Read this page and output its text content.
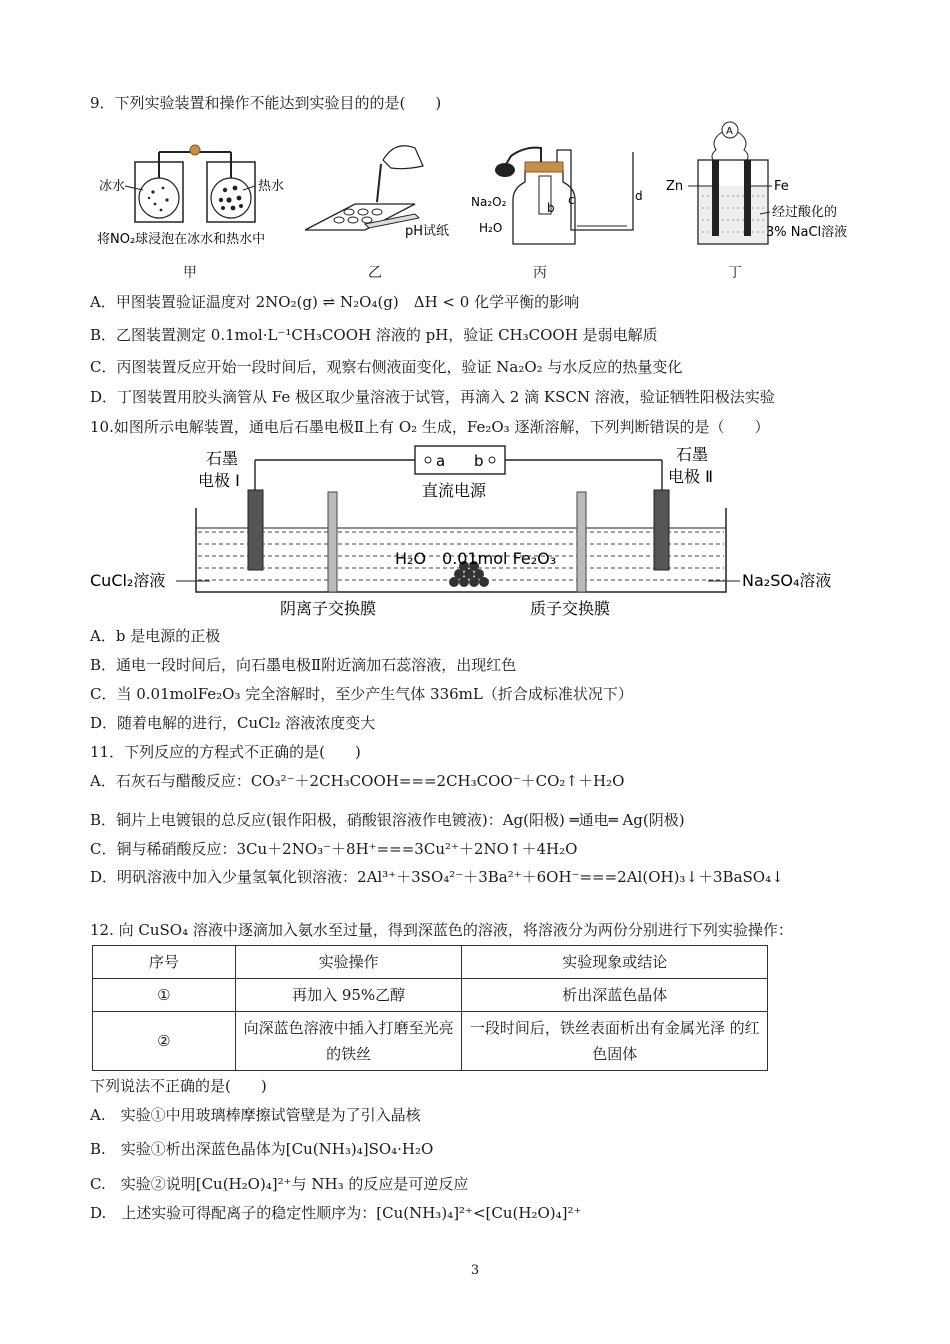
9．下列实验装置和操作不能达到实验目的的是(　　)
冰水	热水
将NO₂球浸泡在冰水和热水中
甲
pH试纸
乙
Na₂O₂
H₂O
b
c	d
丙
A
Zn	Fe
经过酸化的
3% NaCl溶液
丁
A．甲图装置验证温度对 2NO₂(g) ⇌ N₂O₄(g)　ΔH < 0 化学平衡的影响
B．乙图装置测定 0.1mol·L⁻¹CH₃COOH 溶液的 pH，验证 CH₃COOH 是弱电解质
C．丙图装置反应开始一段时间后，观察右侧液面变化，验证 Na₂O₂ 与水反应的热量变化
D．丁图装置用胶头滴管从 Fe 极区取少量溶液于试管，再滴入 2 滴 KSCN 溶液，验证牺牲阳极法实验
10.如图所示电解装置，通电后石墨电极Ⅱ上有 O₂ 生成，Fe₂O₃ 逐渐溶解，下列判断错误的是（　　）
a b
直流电源
石墨
电极 Ⅰ
石墨
电极 Ⅱ
H₂O　0.01mol Fe₂O₃
CuCl₂溶液	Na₂SO₄溶液
阴离子交换膜	质子交换膜
A．b 是电源的正极
B．通电一段时间后，向石墨电极Ⅱ附近滴加石蕊溶液，出现红色
C．当 0.01molFe₂O₃ 完全溶解时，至少产生气体 336mL（折合成标准状况下）
D．随着电解的进行，CuCl₂ 溶液浓度变大
11．下列反应的方程式不正确的是(　　)
A．石灰石与醋酸反应：CO₃²⁻＋2CH₃COOH===2CH₃COO⁻＋CO₂↑＋H₂O
B．铜片上电镀银的总反应(银作阳极，硝酸银溶液作电镀液)：Ag(阳极) ═通电═ Ag(阴极)
C．铜与稀硝酸反应：3Cu＋2NO₃⁻＋8H⁺===3Cu²⁺＋2NO↑＋4H₂O
D．明矾溶液中加入少量氢氧化钡溶液：2Al³⁺＋3SO₄²⁻＋3Ba²⁺＋6OH⁻===2Al(OH)₃↓＋3BaSO₄↓
12. 向 CuSO₄ 溶液中逐滴加入氨水至过量，得到深蓝色的溶液，将溶液分为两份分别进行下列实验操作：
序号	实验操作	实验现象或结论
①	再加入 95%乙醇	析出深蓝色晶体
②	向深蓝色溶液中插入打磨至光亮的铁丝	一段时间后，铁丝表面析出有金属光泽 的红色固体
下列说法不正确的是(　　)
A.　实验①中用玻璃棒摩擦试管壁是为了引入晶核
B.　实验①析出深蓝色晶体为[Cu(NH₃)₄]SO₄·H₂O
C.　实验②说明[Cu(H₂O)₄]²⁺与 NH₃ 的反应是可逆反应
D.　上述实验可得配离子的稳定性顺序为：[Cu(NH₃)₄]²⁺<[Cu(H₂O)₄]²⁺
3
